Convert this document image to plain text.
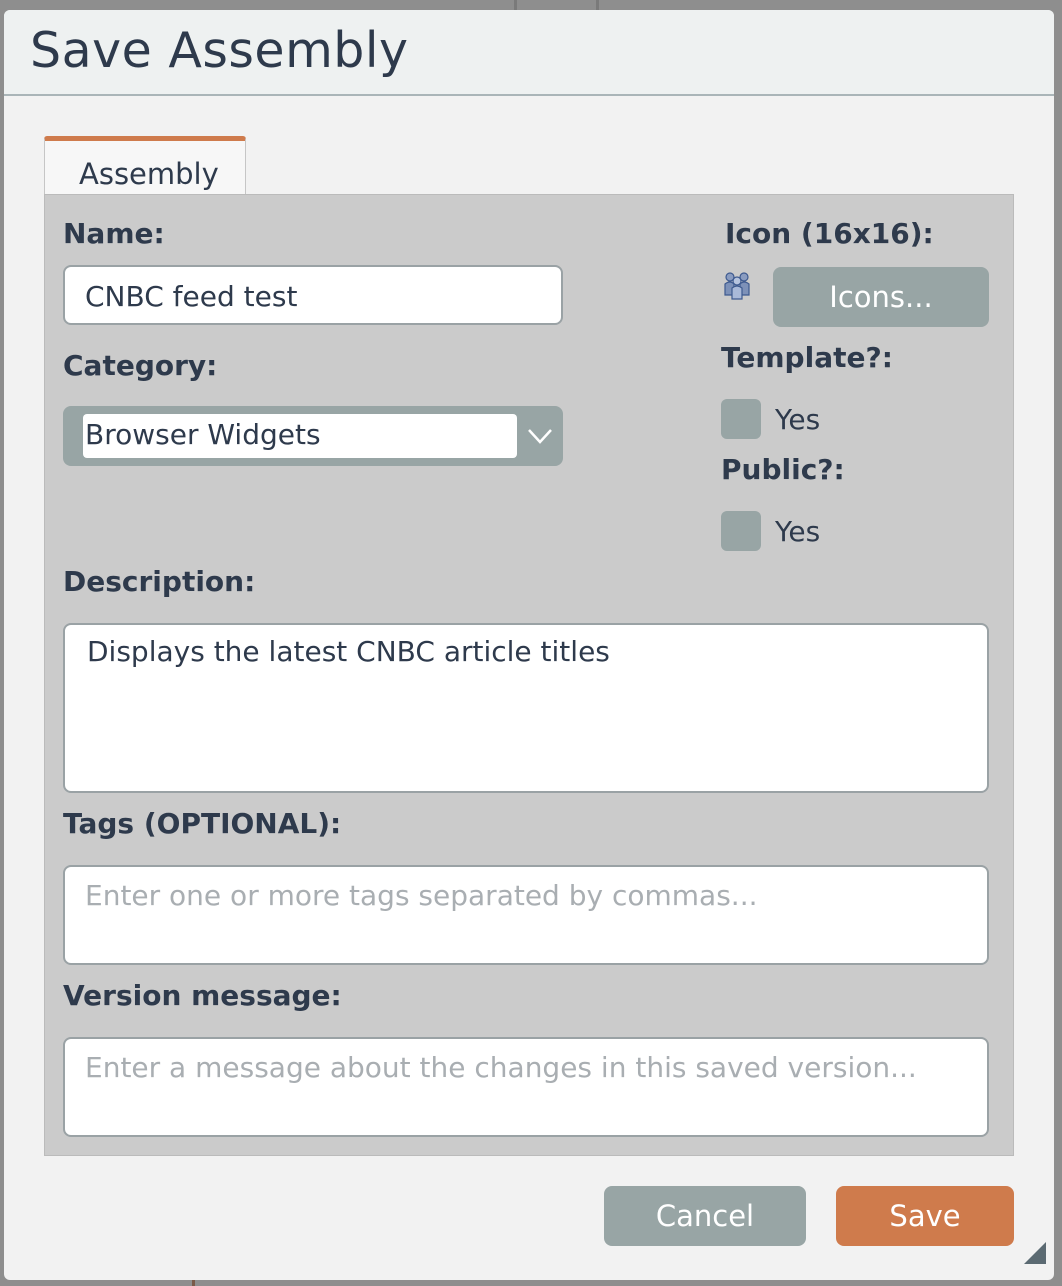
Save Assembly
Assembly
Name:
CNBC feed test
Category:
Browser Widgets
Icon (16x16):
Icons...
Template?:
Yes
Public?:
Yes
Description:
Displays the latest CNBC article titles
Tags (OPTIONAL):
Enter one or more tags separated by commas...
Version message:
Enter a message about the changes in this saved version...
Cancel	Save
